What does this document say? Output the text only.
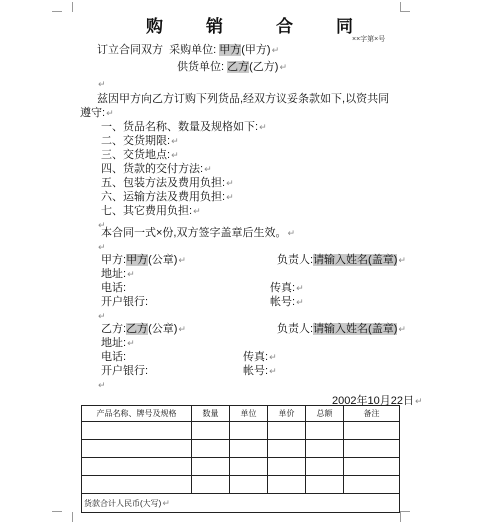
购	销	合	同
××字第×号
订立合同双方 采购单位: 甲方(甲方)↵
供货单位: 乙方(乙方)↵
↵
兹因甲方向乙方订购下列货品,经双方议妥条款如下,以资共同
遵守:↵
一、货品名称、数量及规格如下:↵
二、交货期限:↵
三、交货地点:↵
四、货款的交付方法:↵
五、包装方法及费用负担:↵
六、运输方法及费用负担:↵
七、其它费用负担:↵
↵
本合同一式×份,双方签字盖章后生效。↵
↵
甲方:甲方(公章)↵	负责人:请输入姓名(盖章)↵
地址:↵
电话:	传真:↵
开户银行:	帐号:↵
↵
乙方:乙方(公章)↵	负责人:请输入姓名(盖章)↵
地址:↵
电话:	传真:↵
开户银行:	帐号:↵
↵
2002年10月22日↵
产品名称、牌号及规格	数量	单位	单价	总额	备注

货款合计人民币(大写)↵					
